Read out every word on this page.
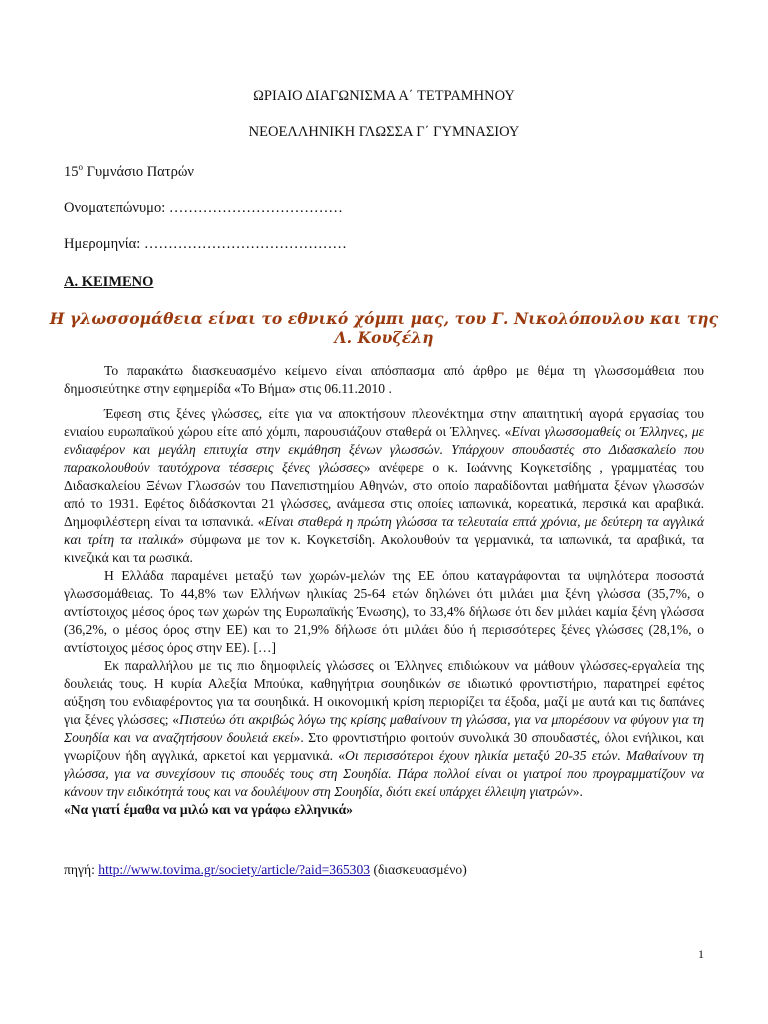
ΩΡΙΑΙΟ ΔΙΑΓΩΝΙΣΜΑ Α΄ ΤΕΤΡΑΜΗΝΟΥ
ΝΕΟΕΛΛΗΝΙΚΗ ΓΛΩΣΣΑ Γ΄ ΓΥΜΝΑΣΙΟΥ
$15^o$ Γυμνάσιο Πατρών
Ονοματεπώνυμο: ………………………………
Ημερομηνία: ……………………………………
Α. ΚΕΙΜΕΝΟ
Η γλωσσομάθεια είναι το εθνικό χόμπι μας, του Γ. Νικολόπουλου και της Λ. Κουζέλη

Το παρακάτω διασκευασμένο κείμενο είναι απόσπασμα από άρθρο με θέμα τη γλωσσομάθεια που δημοσιεύτηκε στην εφημερίδα «Το Βήμα» στις 06.11.2010 .

Έφεση στις ξένες γλώσσες, είτε για να αποκτήσουν πλεονέκτημα στην απαιτητική αγορά εργασίας του ενιαίου ευρωπαϊκού χώρου είτε από χόμπι, παρουσιάζουν σταθερά οι Έλληνες. «Είναι γλωσσομαθείς οι Έλληνες, με ενδιαφέρον και μεγάλη επιτυχία στην εκμάθηση ξένων γλωσσών. Υπάρχουν σπουδαστές στο Διδασκαλείο που παρακολουθούν ταυτόχρονα τέσσερις ξένες γλώσσες» ανέφερε ο κ. Ιωάννης Κογκετσίδης , γραμματέας του Διδασκαλείου Ξένων Γλωσσών του Πανεπιστημίου Αθηνών, στο οποίο παραδίδονται μαθήματα ξένων γλωσσών από το 1931. Εφέτος διδάσκονται 21 γλώσσες, ανάμεσα στις οποίες ιαπωνικά, κορεατικά, περσικά και αραβικά. Δημοφιλέστερη είναι τα ισπανικά. «Είναι σταθερά η πρώτη γλώσσα τα τελευταία επτά χρόνια, με δεύτερη τα αγγλικά και τρίτη τα ιταλικά» σύμφωνα με τον κ. Κογκετσίδη. Ακολουθούν τα γερμανικά, τα ιαπωνικά, τα αραβικά, τα κινεζικά και τα ρωσικά.

Η Ελλάδα παραμένει μεταξύ των χωρών-μελών της ΕΕ όπου καταγράφονται τα υψηλότερα ποσοστά γλωσσομάθειας. Το 44,8% των Ελλήνων ηλικίας 25-64 ετών δηλώνει ότι μιλάει μια ξένη γλώσσα (35,7%, ο αντίστοιχος μέσος όρος των χωρών της Ευρωπαϊκής Ένωσης), το 33,4% δήλωσε ότι δεν μιλάει καμία ξένη γλώσσα (36,2%, ο μέσος όρος στην ΕΕ) και το 21,9% δήλωσε ότι μιλάει δύο ή περισσότερες ξένες γλώσσες (28,1%, ο αντίστοιχος μέσος όρος στην ΕΕ). […]

Εκ παραλλήλου με τις πιο δημοφιλείς γλώσσες οι Έλληνες επιδιώκουν να μάθουν γλώσσες-εργαλεία της δουλειάς τους. Η κυρία Αλεξία Μπούκα, καθηγήτρια σουηδικών σε ιδιωτικό φροντιστήριο, παρατηρεί εφέτος αύξηση του ενδιαφέροντος για τα σουηδικά. Η οικονομική κρίση περιορίζει τα έξοδα, μαζί με αυτά και τις δαπάνες για ξένες γλώσσες; «Πιστεύω ότι ακριβώς λόγω της κρίσης μαθαίνουν τη γλώσσα, για να μπορέσουν να φύγουν για τη Σουηδία και να αναζητήσουν δουλειά εκεί». Στο φροντιστήριο φοιτούν συνολικά 30 σπουδαστές, όλοι ενήλικοι, και γνωρίζουν ήδη αγγλικά, αρκετοί και γερμανικά. «Οι περισσότεροι έχουν ηλικία μεταξύ 20-35 ετών. Μαθαίνουν τη γλώσσα, για να συνεχίσουν τις σπουδές τους στη Σουηδία. Πάρα πολλοί είναι οι γιατροί που προγραμματίζουν να κάνουν την ειδικότητά τους και να δουλέψουν στη Σουηδία, διότι εκεί υπάρχει έλλειψη γιατρών».

«Να γιατί έμαθα να μιλώ και να γράφω ελληνικά»

πηγή: http://www.tovima.gr/society/article/?aid=365303 (διασκευασμένο)
1
